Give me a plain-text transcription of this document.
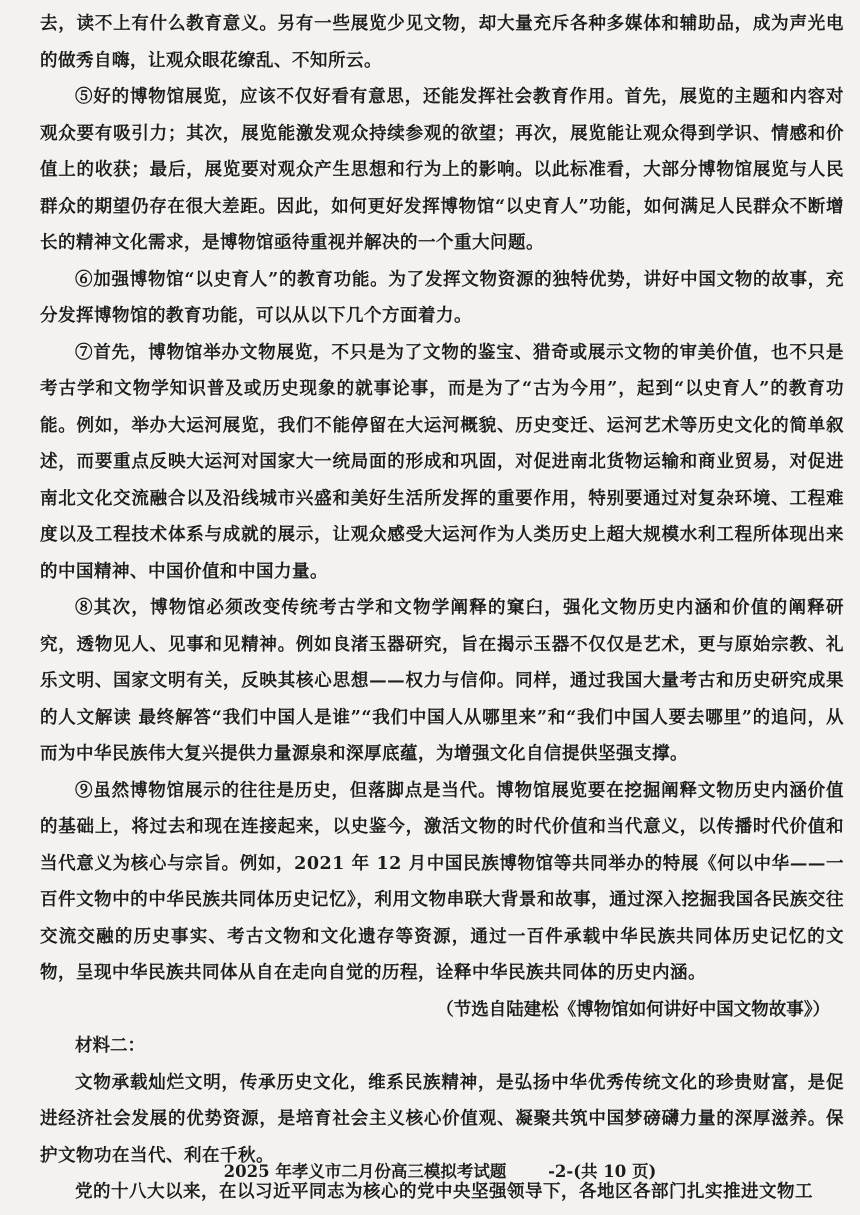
去，读不上有什么教育意义。另有一些展览少见文物，却大量充斥各种多媒体和辅助品，成为声光电的做秀自嗨，让观众眼花缭乱、不知所云。

⑤好的博物馆展览，应该不仅好看有意思，还能发挥社会教育作用。首先，展览的主题和内容对观众要有吸引力；其次，展览能激发观众持续参观的欲望；再次，展览能让观众得到学识、情感和价值上的收获；最后，展览要对观众产生思想和行为上的影响。以此标准看，大部分博物馆展览与人民群众的期望仍存在很大差距。因此，如何更好发挥博物馆“以史育人”功能，如何满足人民群众不断增长的精神文化需求，是博物馆亟待重视并解决的一个重大问题。

⑥加强博物馆“以史育人”的教育功能。为了发挥文物资源的独特优势，讲好中国文物的故事，充分发挥博物馆的教育功能，可以从以下几个方面着力。

⑦首先，博物馆举办文物展览，不只是为了文物的鉴宝、猎奇或展示文物的审美价值，也不只是考古学和文物学知识普及或历史现象的就事论事，而是为了“古为今用”，起到“以史育人”的教育功能。例如，举办大运河展览，我们不能停留在大运河概貌、历史变迁、运河艺术等历史文化的简单叙述，而要重点反映大运河对国家大一统局面的形成和巩固，对促进南北货物运输和商业贸易，对促进南北文化交流融合以及沿线城市兴盛和美好生活所发挥的重要作用，特别要通过对复杂环境、工程难度以及工程技术体系与成就的展示，让观众感受大运河作为人类历史上超大规模水利工程所体现出来的中国精神、中国价值和中国力量。

⑧其次，博物馆必须改变传统考古学和文物学阐释的窠臼，强化文物历史内涵和价值的阐释研究，透物见人、见事和见精神。例如良渚玉器研究，旨在揭示玉器不仅仅是艺术，更与原始宗教、礼乐文明、国家文明有关，反映其核心思想——权力与信仰。同样，通过我国大量考古和历史研究成果的人文解读 最终解答“我们中国人是谁”“我们中国人从哪里来”和“我们中国人要去哪里”的追问，从而为中华民族伟大复兴提供力量源泉和深厚底蕴，为增强文化自信提供坚强支撑。

⑨虽然博物馆展示的往往是历史，但落脚点是当代。博物馆展览要在挖掘阐释文物历史内涵价值的基础上，将过去和现在连接起来，以史鉴今，激活文物的时代价值和当代意义，以传播时代价值和当代意义为核心与宗旨。例如，2021 年 12 月中国民族博物馆等共同举办的特展《何以中华——一百件文物中的中华民族共同体历史记忆》，利用文物串联大背景和故事，通过深入挖掘我国各民族交往交流交融的历史事实、考古文物和文化遗存等资源，通过一百件承载中华民族共同体历史记忆的文物，呈现中华民族共同体从自在走向自觉的历程，诠释中华民族共同体的历史内涵。

（节选自陆建松《博物馆如何讲好中国文物故事》）

材料二：

文物承载灿烂文明，传承历史文化，维系民族精神，是弘扬中华优秀传统文化的珍贵财富，是促进经济社会发展的优势资源，是培育社会主义核心价值观、凝聚共筑中国梦磅礴力量的深厚滋养。保护文物功在当代、利在千秋。

党的十八大以来，在以习近平同志为核心的党中央坚强领导下，各地区各部门扎实推进文物工

2025 年孝义市二月份高三模拟考试题	-2-(共 10 页)
